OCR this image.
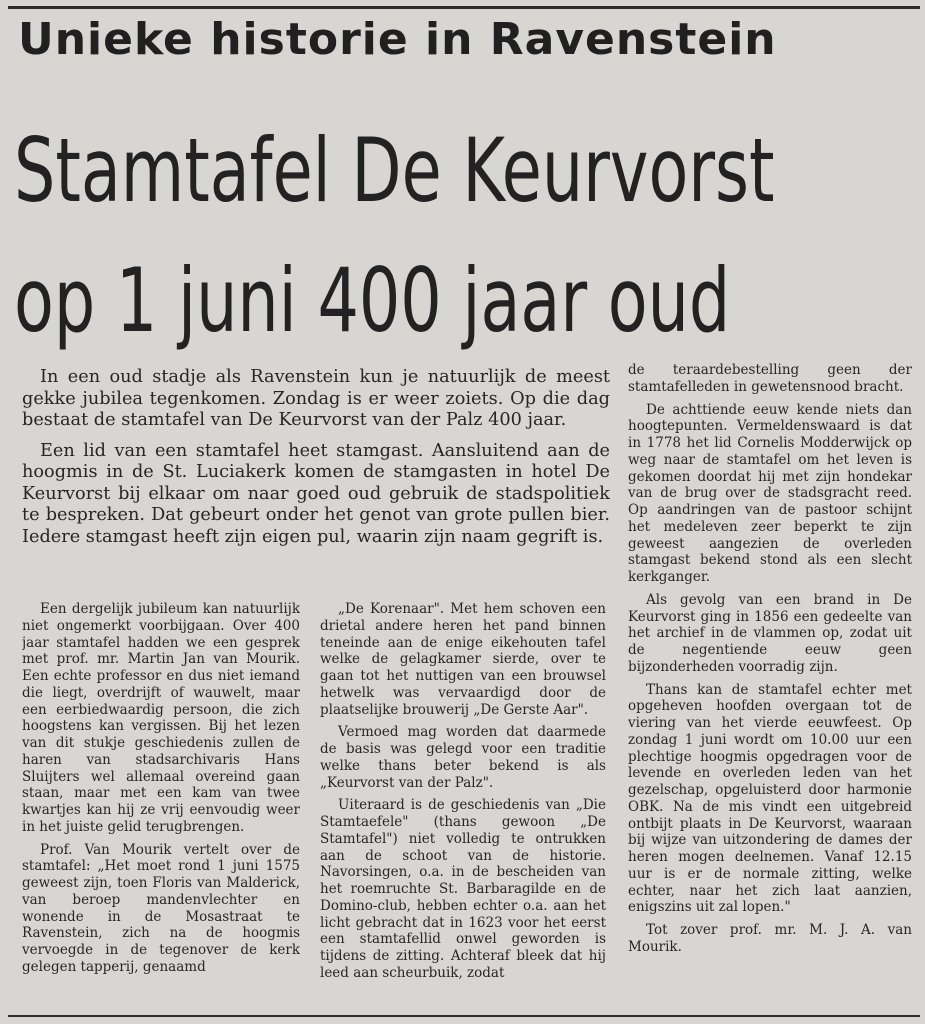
Unieke historie in Ravenstein
Stamtafel De Keurvorst
op 1 juni 400 jaar oud

In een oud stadje als Ravenstein kun je natuurlijk de meest gekke jubilea tegenkomen. Zondag is er weer zoiets. Op die dag bestaat de stamtafel van De Keurvorst van der Palz 400 jaar.

Een lid van een stamtafel heet stamgast. Aansluitend aan de hoogmis in de St. Luciakerk komen de stamgasten in hotel De Keurvorst bij elkaar om naar goed oud gebruik de stadspolitiek te bespreken. Dat gebeurt onder het genot van grote pullen bier. Iedere stamgast heeft zijn eigen pul, waarin zijn naam gegrift is.

Een dergelijk jubileum kan natuurlijk niet ongemerkt voorbijgaan. Over 400 jaar stamtafel hadden we een gesprek met prof. mr. Martin Jan van Mourik. Een echte professor en dus niet iemand die liegt, overdrijft of wauwelt, maar een eerbiedwaardig persoon, die zich hoogstens kan vergissen. Bij het lezen van dit stukje geschiedenis zullen de haren van stadsarchivaris Hans Sluijters wel allemaal overeind gaan staan, maar met een kam van twee kwartjes kan hij ze vrij eenvoudig weer in het juiste gelid terugbrengen.

Prof. Van Mourik vertelt over de stamtafel: „Het moet rond 1 juni 1575 geweest zijn, toen Floris van Malderick, van beroep mandenvlechter en wonende in de Mosastraat te Ravenstein, zich na de hoogmis vervoegde in de tegenover de kerk gelegen tapperij, genaamd

„De Korenaar". Met hem schoven een drietal andere heren het pand binnen teneinde aan de enige eikehouten tafel welke de gelagkamer sierde, over te gaan tot het nuttigen van een brouwsel hetwelk was vervaardigd door de plaatselijke brouwerij „De Gerste Aar".

Vermoed mag worden dat daarmede de basis was gelegd voor een traditie welke thans beter bekend is als „Keurvorst van der Palz".

Uiteraard is de geschiedenis van „Die Stamtaefele" (thans gewoon „De Stamtafel") niet volledig te ontrukken aan de schoot van de historie. Navorsingen, o.a. in de bescheiden van het roemruchte St. Barbaragilde en de Domino-club, hebben echter o.a. aan het licht gebracht dat in 1623 voor het eerst een stamtafellid onwel geworden is tijdens de zitting. Achteraf bleek dat hij leed aan scheurbuik, zodat

de teraardebestelling geen der stamtafelleden in gewetensnood bracht.

De achttiende eeuw kende niets dan hoogtepunten. Vermeldenswaard is dat in 1778 het lid Cornelis Modderwijck op weg naar de stamtafel om het leven is gekomen doordat hij met zijn hondekar van de brug over de stadsgracht reed. Op aandringen van de pastoor schijnt het medeleven zeer beperkt te zijn geweest aangezien de overleden stamgast bekend stond als een slecht kerkganger.

Als gevolg van een brand in De Keurvorst ging in 1856 een gedeelte van het archief in de vlammen op, zodat uit de negentiende eeuw geen bijzonderheden voorradig zijn.

Thans kan de stamtafel echter met opgeheven hoofden overgaan tot de viering van het vierde eeuwfeest. Op zondag 1 juni wordt om 10.00 uur een plechtige hoogmis opgedragen voor de levende en overleden leden van het gezelschap, opgeluisterd door harmonie OBK. Na de mis vindt een uitgebreid ontbijt plaats in De Keurvorst, waaraan bij wijze van uitzondering de dames der heren mogen deelnemen. Vanaf 12.15 uur is er de normale zitting, welke echter, naar het zich laat aanzien, enigszins uit zal lopen."

Tot zover prof. mr. M. J. A. van Mourik.
